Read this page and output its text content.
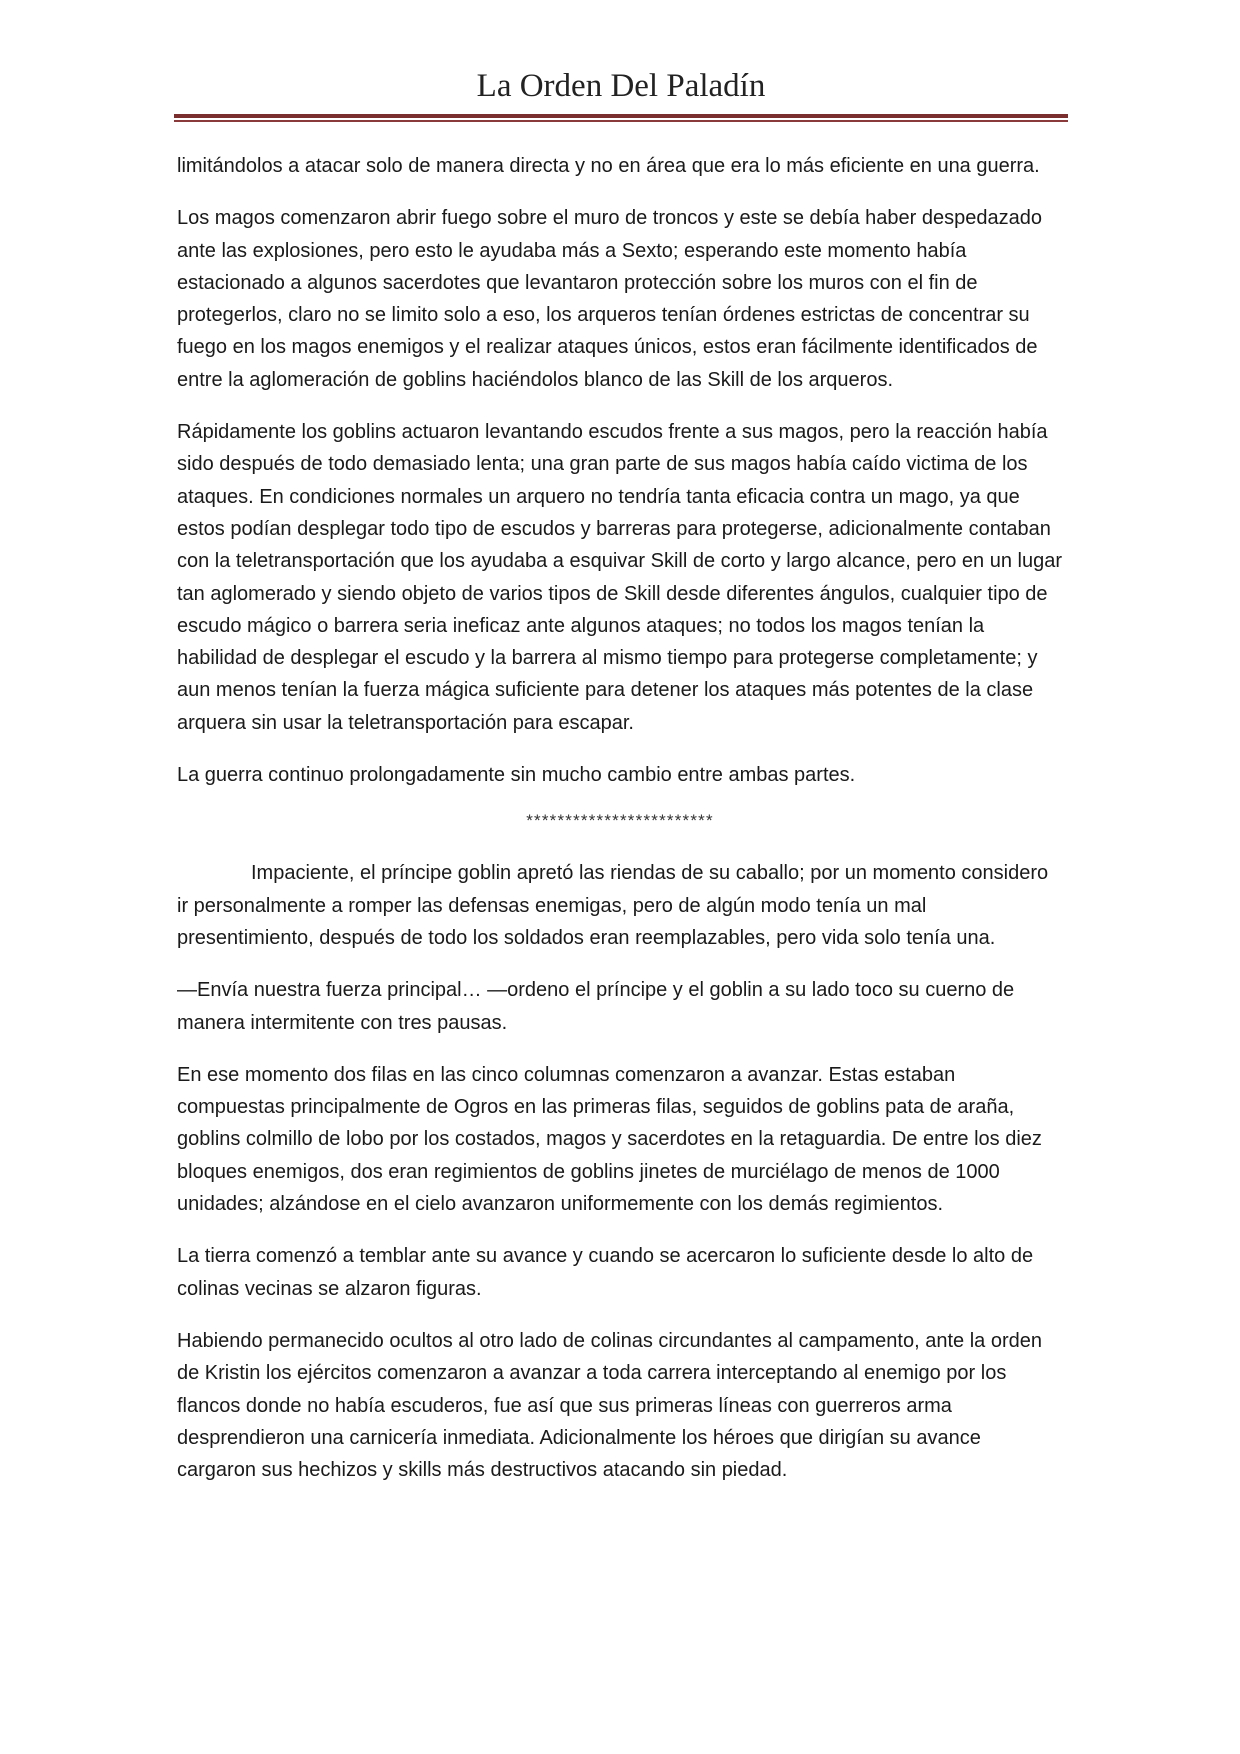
La Orden Del Paladín

limitándolos a atacar solo de manera directa y no en área que era lo más eficiente en una guerra.

Los magos comenzaron abrir fuego sobre el muro de troncos y este se debía haber despedazado ante las explosiones, pero esto le ayudaba más a Sexto; esperando este momento había estacionado a algunos sacerdotes que levantaron protección sobre los muros con el fin de protegerlos, claro no se limito solo a eso, los arqueros tenían órdenes estrictas de concentrar su fuego en los magos enemigos y el realizar ataques únicos, estos eran fácilmente identificados de entre la aglomeración de goblins haciéndolos blanco de las Skill de los arqueros.

Rápidamente los goblins actuaron levantando escudos frente a sus magos, pero la reacción había sido después de todo demasiado lenta; una gran parte de sus magos había caído victima de los ataques. En condiciones normales un arquero no tendría tanta eficacia contra un mago, ya que estos podían desplegar todo tipo de escudos y barreras para protegerse, adicionalmente contaban con la teletransportación que los ayudaba a esquivar Skill de corto y largo alcance, pero en un lugar tan aglomerado y siendo objeto de varios tipos de Skill desde diferentes ángulos, cualquier tipo de escudo mágico o barrera seria ineficaz ante algunos ataques; no todos los magos tenían la habilidad de desplegar el escudo y la barrera al mismo tiempo para protegerse completamente; y aun menos tenían la fuerza mágica suficiente para detener los ataques más potentes de la clase arquera sin usar la teletransportación para escapar.

La guerra continuo prolongadamente sin mucho cambio entre ambas partes.

************************

Impaciente, el príncipe goblin apretó las riendas de su caballo; por un momento considero ir personalmente a romper las defensas enemigas, pero de algún modo tenía un mal presentimiento, después de todo los soldados eran reemplazables, pero vida solo tenía una.

—Envía nuestra fuerza principal… —ordeno el príncipe y el goblin a su lado toco su cuerno de manera intermitente con tres pausas.

En ese momento dos filas en las cinco columnas comenzaron a avanzar. Estas estaban compuestas principalmente de Ogros en las primeras filas, seguidos de goblins pata de araña, goblins colmillo de lobo por los costados, magos y sacerdotes en la retaguardia. De entre los diez bloques enemigos, dos eran regimientos de goblins jinetes de murciélago de menos de 1000 unidades; alzándose en el cielo avanzaron uniformemente con los demás regimientos.

La tierra comenzó a temblar ante su avance y cuando se acercaron lo suficiente desde lo alto de colinas vecinas se alzaron figuras.

Habiendo permanecido ocultos al otro lado de colinas circundantes al campamento, ante la orden de Kristin los ejércitos comenzaron a avanzar a toda carrera interceptando al enemigo por los flancos donde no había escuderos, fue así que sus primeras líneas con guerreros arma desprendieron una carnicería inmediata. Adicionalmente los héroes que dirigían su avance cargaron sus hechizos y skills más destructivos atacando sin piedad.
